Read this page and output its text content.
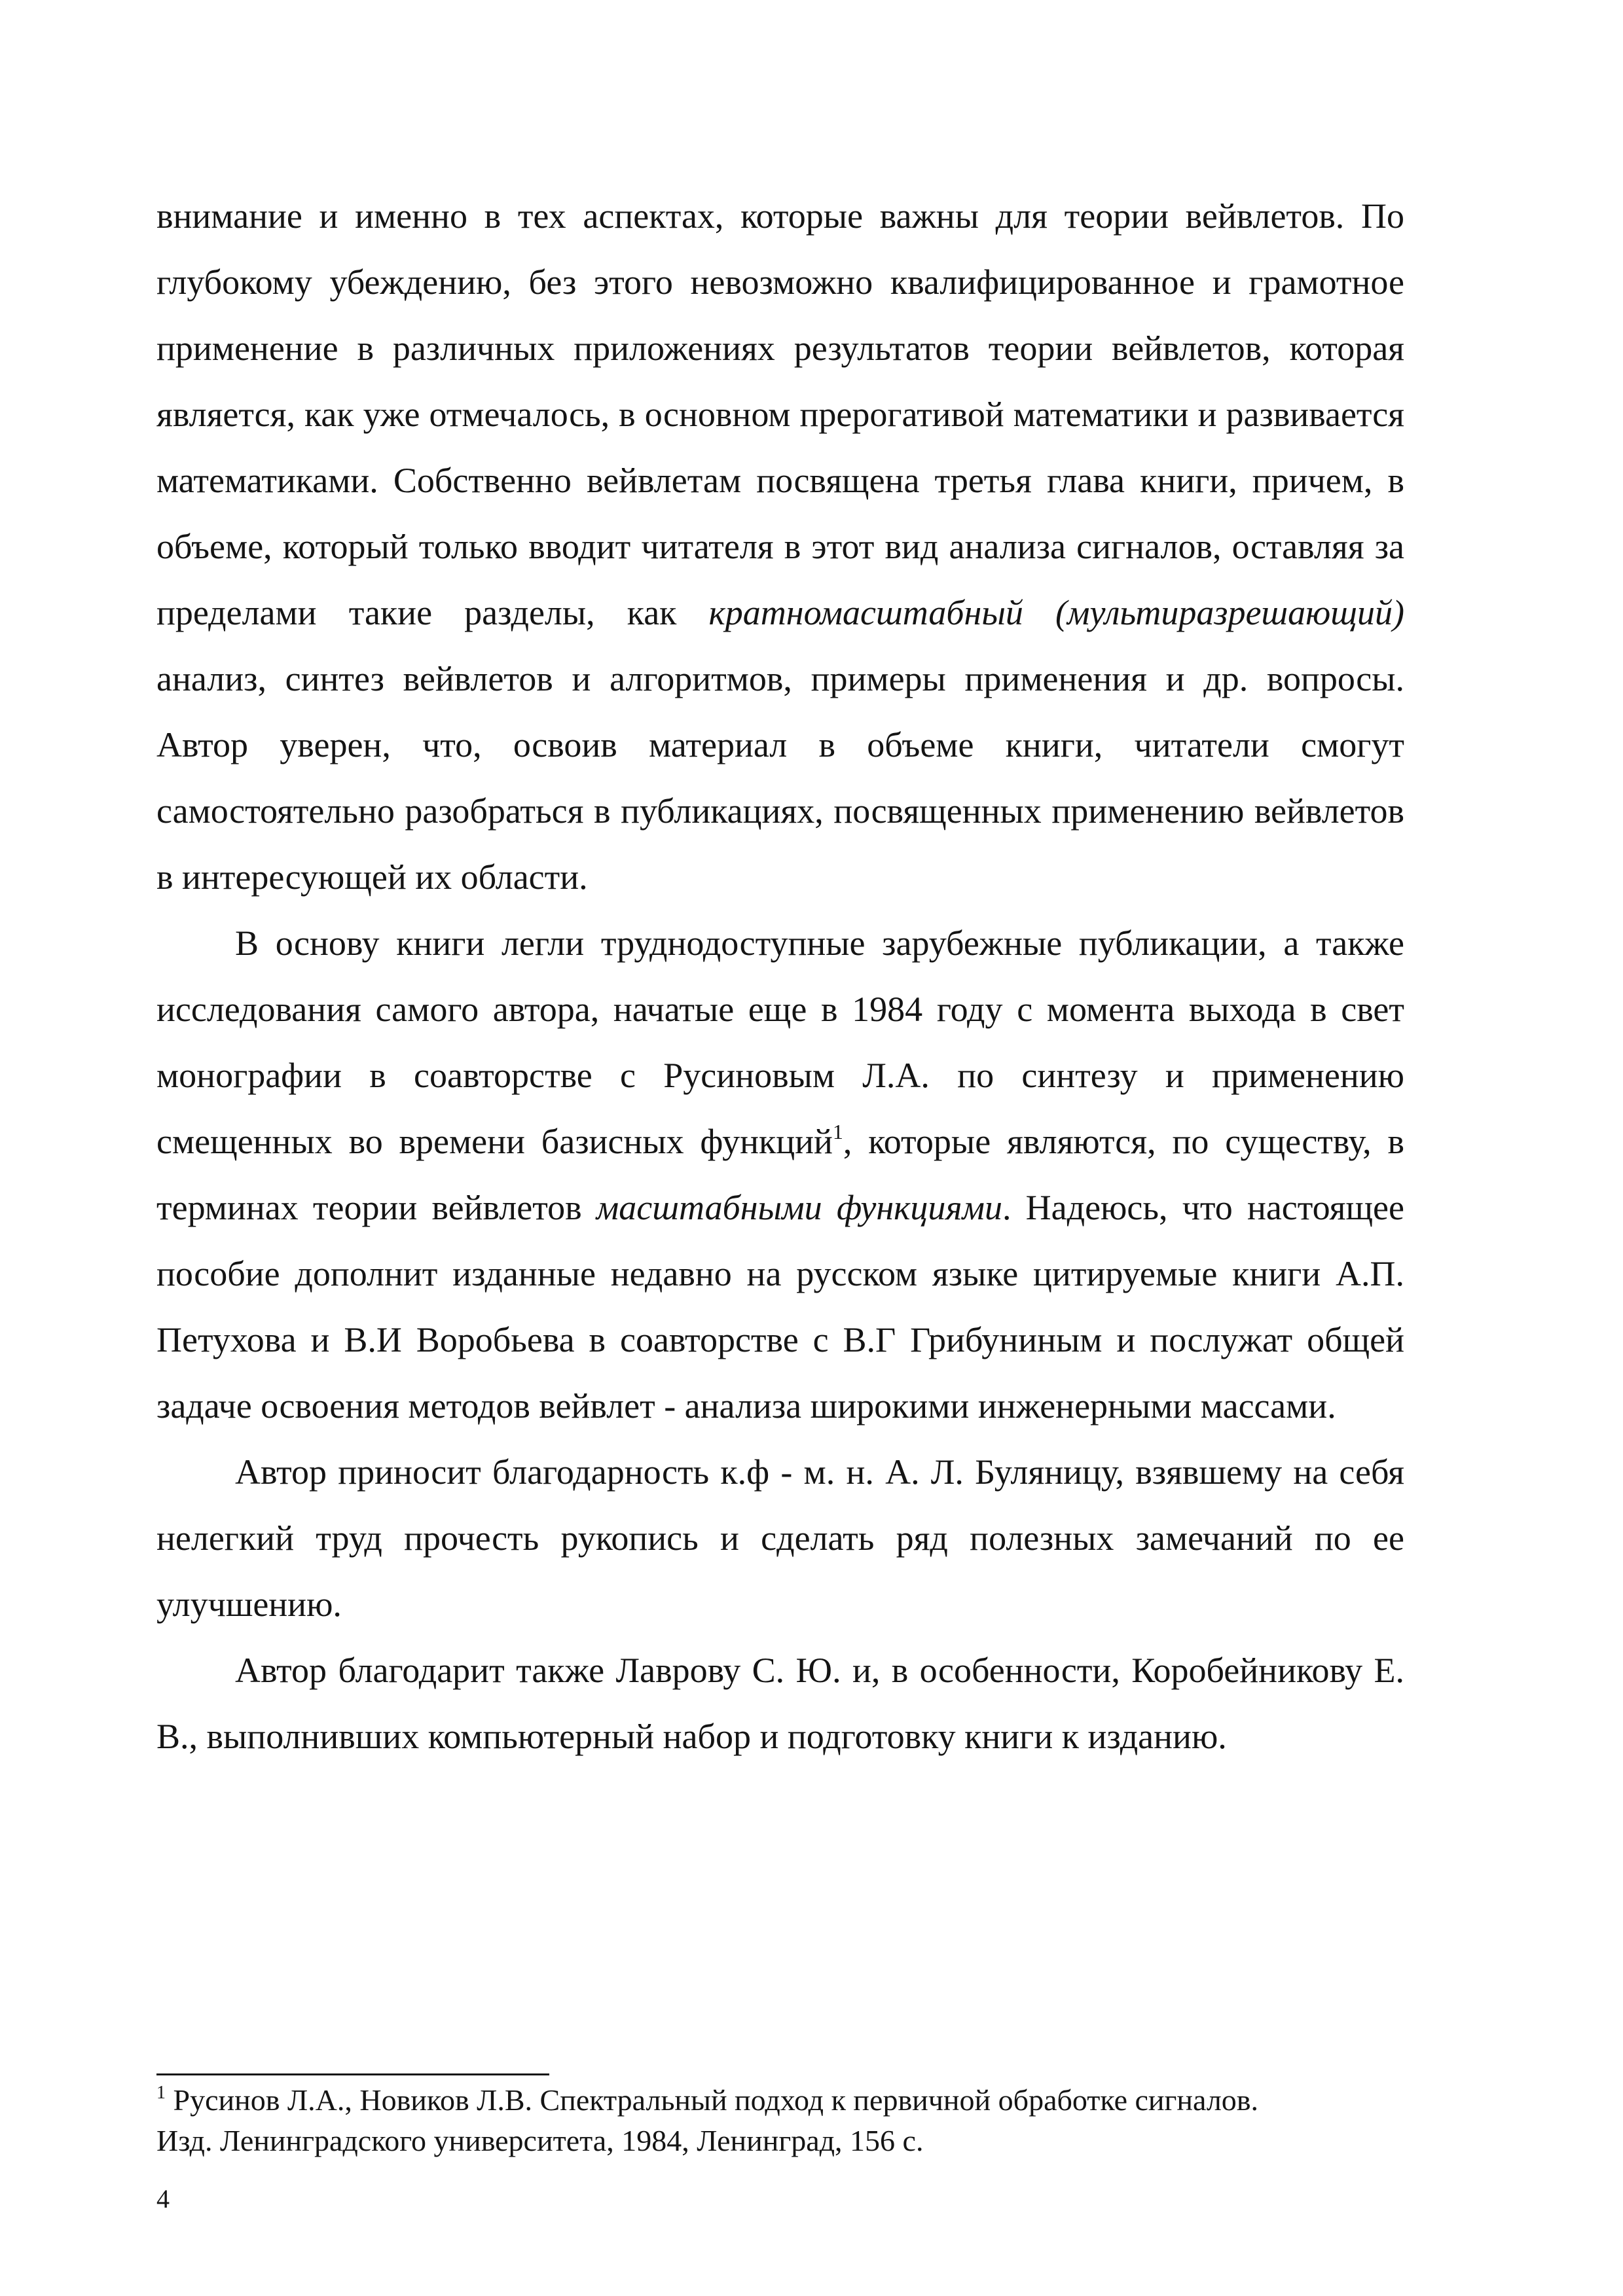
внимание и именно в тех аспектах, которые важны для теории вейвлетов. По глубокому убеждению, без этого невозможно квалифицированное и грамотное применение в различных приложениях результатов теории вейвлетов, которая является, как уже отмечалось, в основном прерогативой математики и развивается математиками. Собственно вейвлетам посвящена третья глава книги, причем, в объеме, который только вводит читателя в этот вид анализа сигналов, оставляя за пределами такие разделы, как кратномасштабный (мультиразрешающий) анализ, синтез вейвлетов и алгоритмов, примеры применения и др. вопросы. Автор уверен, что, освоив материал в объеме книги, читатели смогут самостоятельно разобраться в публикациях, посвященных применению вейвлетов в интересующей их области.

В основу книги легли труднодоступные зарубежные публикации, а также исследования самого автора, начатые еще в 1984 году с момента выхода в свет монографии в соавторстве с Русиновым Л.А. по синтезу и применению смещенных во времени базисных функций$^1$, которые являются, по существу, в терминах теории вейвлетов масштабными функциями. Надеюсь, что настоящее пособие дополнит изданные недавно на русском языке цитируемые книги А.П. Петухова и В.И Воробьева в соавторстве с В.Г Грибуниным и послужат общей задаче освоения методов вейвлет - анализа широкими инженерными массами.

Автор приносит благодарность к.ф - м. н. А. Л. Буляницу, взявшему на себя нелегкий труд прочесть рукопись и сделать ряд полезных замечаний по ее улучшению.

Автор благодарит также Лаврову С. Ю. и, в особенности, Коробейникову Е. В., выполнивших компьютерный набор и подготовку книги к изданию.

$^1$ Русинов Л.А., Новиков Л.В. Спектральный подход к первичной обработке сигналов.
Изд. Ленинградского университета, 1984, Ленинград, 156 с.
4
